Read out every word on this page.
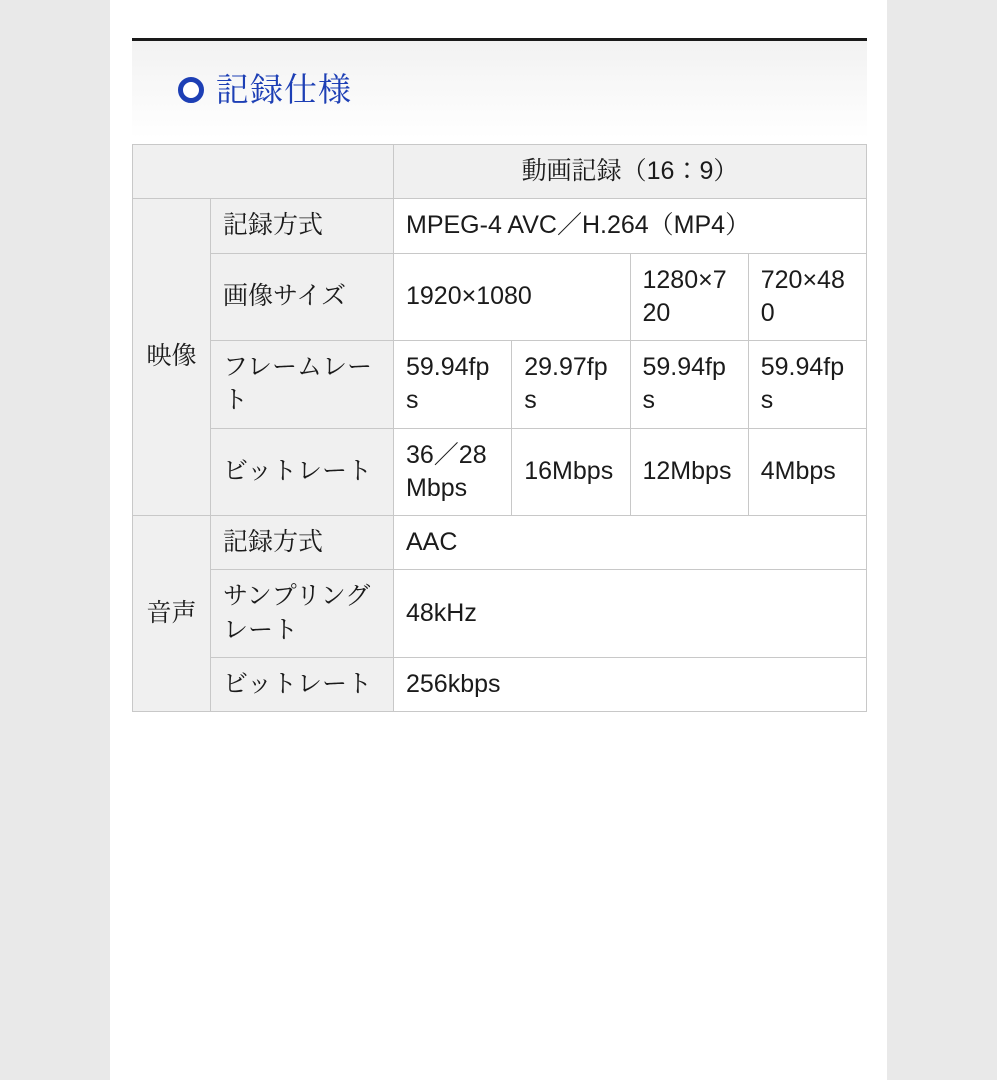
記録仕様
		動画記録（16：9）			
映像	記録方式	MPEG-4 AVC／H.264（MP4）			
	画像サイズ	1920×1080		1280×720	720×480
	フレームレート	59.94fps	29.97fps	59.94fps	59.94fps
	ビットレート	36／28Mbps	16Mbps	12Mbps	4Mbps
音声	記録方式	AAC			
	サンプリングレート	48kHz			
	ビットレート	256kbps			
